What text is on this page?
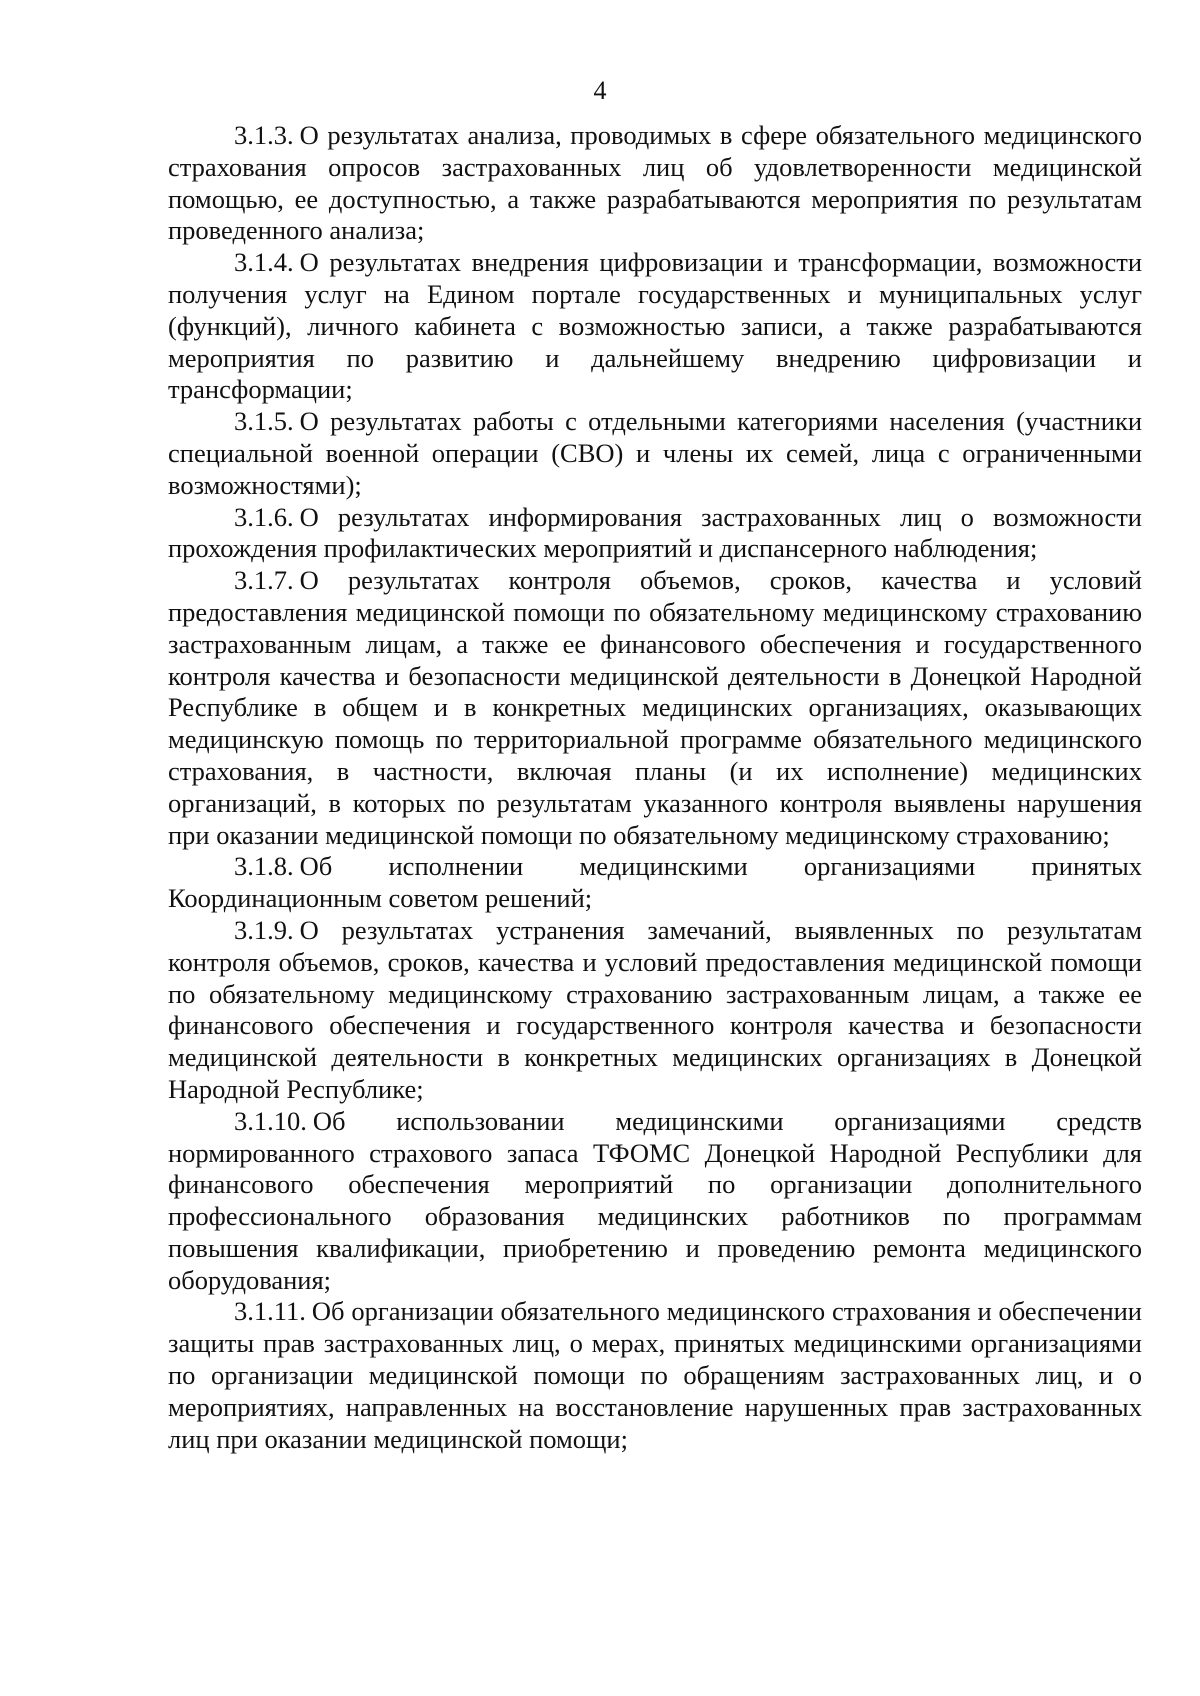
4

3.1.3. О результатах анализа, проводимых в сфере обязательного медицинского страхования опросов застрахованных лиц об удовлетворенности медицинской помощью, ее доступностью, а также разрабатываются мероприятия по результатам проведенного анализа;

3.1.4. О результатах внедрения цифровизации и трансформации, возможности получения услуг на Едином портале государственных и муниципальных услуг (функций), личного кабинета с возможностью записи, а также разрабатываются мероприятия по развитию и дальнейшему внедрению цифровизации и трансформации;

3.1.5. О результатах работы с отдельными категориями населения (участники специальной военной операции (СВО) и члены их семей, лица с ограниченными возможностями);

3.1.6. О результатах информирования застрахованных лиц о возможности прохождения профилактических мероприятий и диспансерного наблюдения;

3.1.7. О результатах контроля объемов, сроков, качества и условий предоставления медицинской помощи по обязательному медицинскому страхованию застрахованным лицам, а также ее финансового обеспечения и государственного контроля качества и безопасности медицинской деятельности в Донецкой Народной Республике в общем и в конкретных медицинских организациях, оказывающих медицинскую помощь по территориальной программе обязательного медицинского страхования, в частности, включая планы (и их исполнение) медицинских организаций, в которых по результатам указанного контроля выявлены нарушения при оказании медицинской помощи по обязательному медицинскому страхованию;

3.1.8. Об исполнении медицинскими организациями принятых Координационным советом решений;

3.1.9. О результатах устранения замечаний, выявленных по результатам контроля объемов, сроков, качества и условий предоставления медицинской помощи по обязательному медицинскому страхованию застрахованным лицам, а также ее финансового обеспечения и государственного контроля качества и безопасности медицинской деятельности в конкретных медицинских организациях в Донецкой Народной Республике;

3.1.10. Об использовании медицинскими организациями средств нормированного страхового запаса ТФОМС Донецкой Народной Республики для финансового обеспечения мероприятий по организации дополнительного профессионального образования медицинских работников по программам повышения квалификации, приобретению и проведению ремонта медицинского оборудования;

3.1.11. Об организации обязательного медицинского страхования и обеспечении защиты прав застрахованных лиц, о мерах, принятых медицинскими организациями по организации медицинской помощи по обращениям застрахованных лиц, и о мероприятиях, направленных на восстановление нарушенных прав застрахованных лиц при оказании медицинской помощи;
